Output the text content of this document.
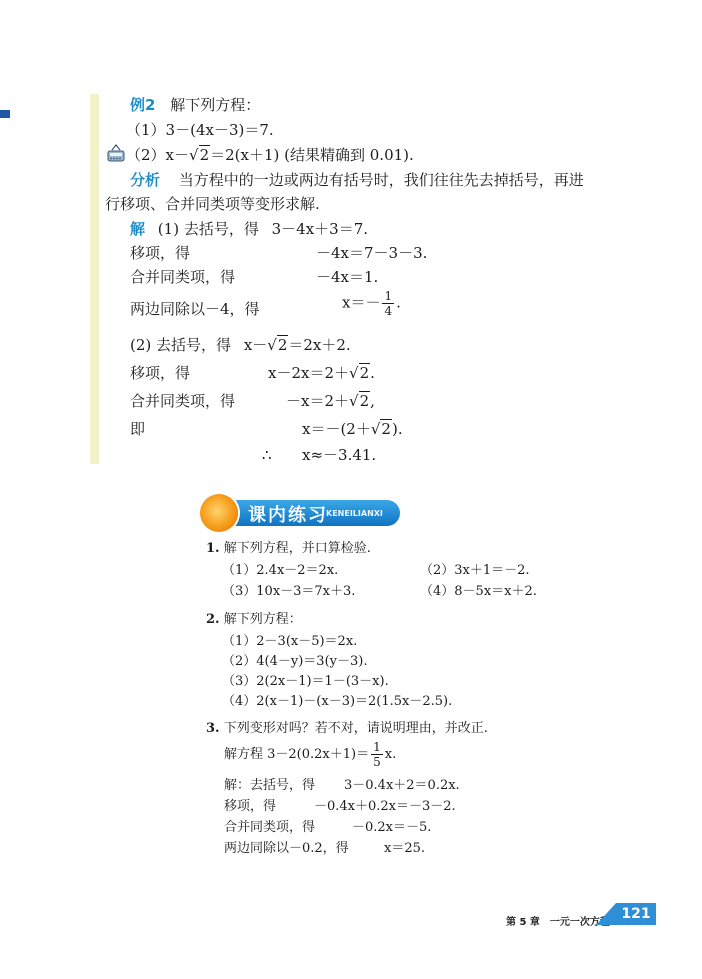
例2 解下列方程：
（1）3－(4x－3)＝7.
（2）x－√2＝2(x＋1) (结果精确到 0.01).
分析 当方程中的一边或两边有括号时，我们往往先去掉括号，再进
行移项、合并同类项等变形求解.
解 (1) 去括号，得 3－4x＋3＝7.
移项，得	－4x＝7－3－3.
合并同类项，得	－4x＝1.
两边同除以－4，得	$x=- \frac{1}{4}$ .
(2) 去括号，得 x－√2＝2x＋2.
移项，得	x－2x＝2＋√2.
合并同类项，得	－x＝2＋√2,
即	x＝－(2＋√2).
∴ x≈－3.41.
课内练习
KENEILIANXI
1. 解下列方程，并口算检验.
（1）2.4x－2＝2x.	（2）3x＋1＝－2.
（3）10x－3＝7x＋3.	（4）8－5x＝x＋2.
2. 解下列方程：
（1）2－3(x－5)＝2x.
（2）4(4－y)＝3(y－3).
（3）2(2x－1)＝1－(3－x).
（4）2(x－1)－(x－3)＝2(1.5x－2.5).
3. 下列变形对吗？若不对，请说明理由，并改正.
解方程 $3-2(0.2x+1)= \frac{1}{5} x$.
解：去括号，得 3－0.4x＋2＝0.2x.
移项，得	－0.4x＋0.2x＝－3－2.
合并同类项，得	－0.2x＝－5.
两边同除以－0.2，得	x＝25.
第 5 章　一元一次方程
121
